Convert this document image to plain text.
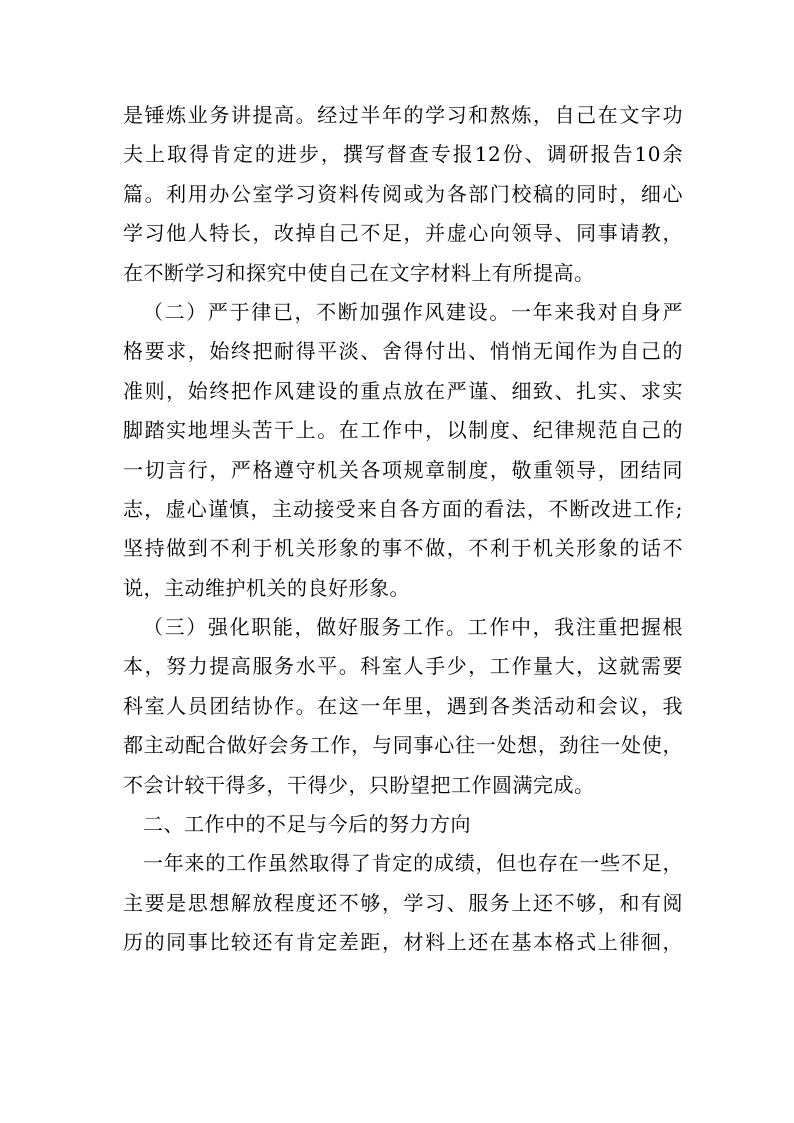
是锤炼业务讲提高。经过半年的学习和熬炼，自己在文字功
夫上取得肯定的进步，撰写督查专报12份、调研报告10余
篇。利用办公室学习资料传阅或为各部门校稿的同时，细心
学习他人特长，改掉自己不足，并虚心向领导、同事请教，
在不断学习和探究中使自己在文字材料上有所提高。
（二）严于律已，不断加强作风建设。一年来我对自身严
格要求，始终把耐得平淡、舍得付出、悄悄无闻作为自己的
准则，始终把作风建设的重点放在严谨、细致、扎实、求实
脚踏实地埋头苦干上。在工作中，以制度、纪律规范自己的
一切言行，严格遵守机关各项规章制度，敬重领导，团结同
志，虚心谨慎，主动接受来自各方面的看法，不断改进工作;
坚持做到不利于机关形象的事不做，不利于机关形象的话不
说，主动维护机关的良好形象。
（三）强化职能，做好服务工作。工作中，我注重把握根
本，努力提高服务水平。科室人手少，工作量大，这就需要
科室人员团结协作。在这一年里，遇到各类活动和会议，我
都主动配合做好会务工作，与同事心往一处想，劲往一处使，
不会计较干得多，干得少，只盼望把工作圆满完成。
二、工作中的不足与今后的努力方向
一年来的工作虽然取得了肯定的成绩，但也存在一些不足，
主要是思想解放程度还不够，学习、服务上还不够，和有阅
历的同事比较还有肯定差距，材料上还在基本格式上徘徊，
